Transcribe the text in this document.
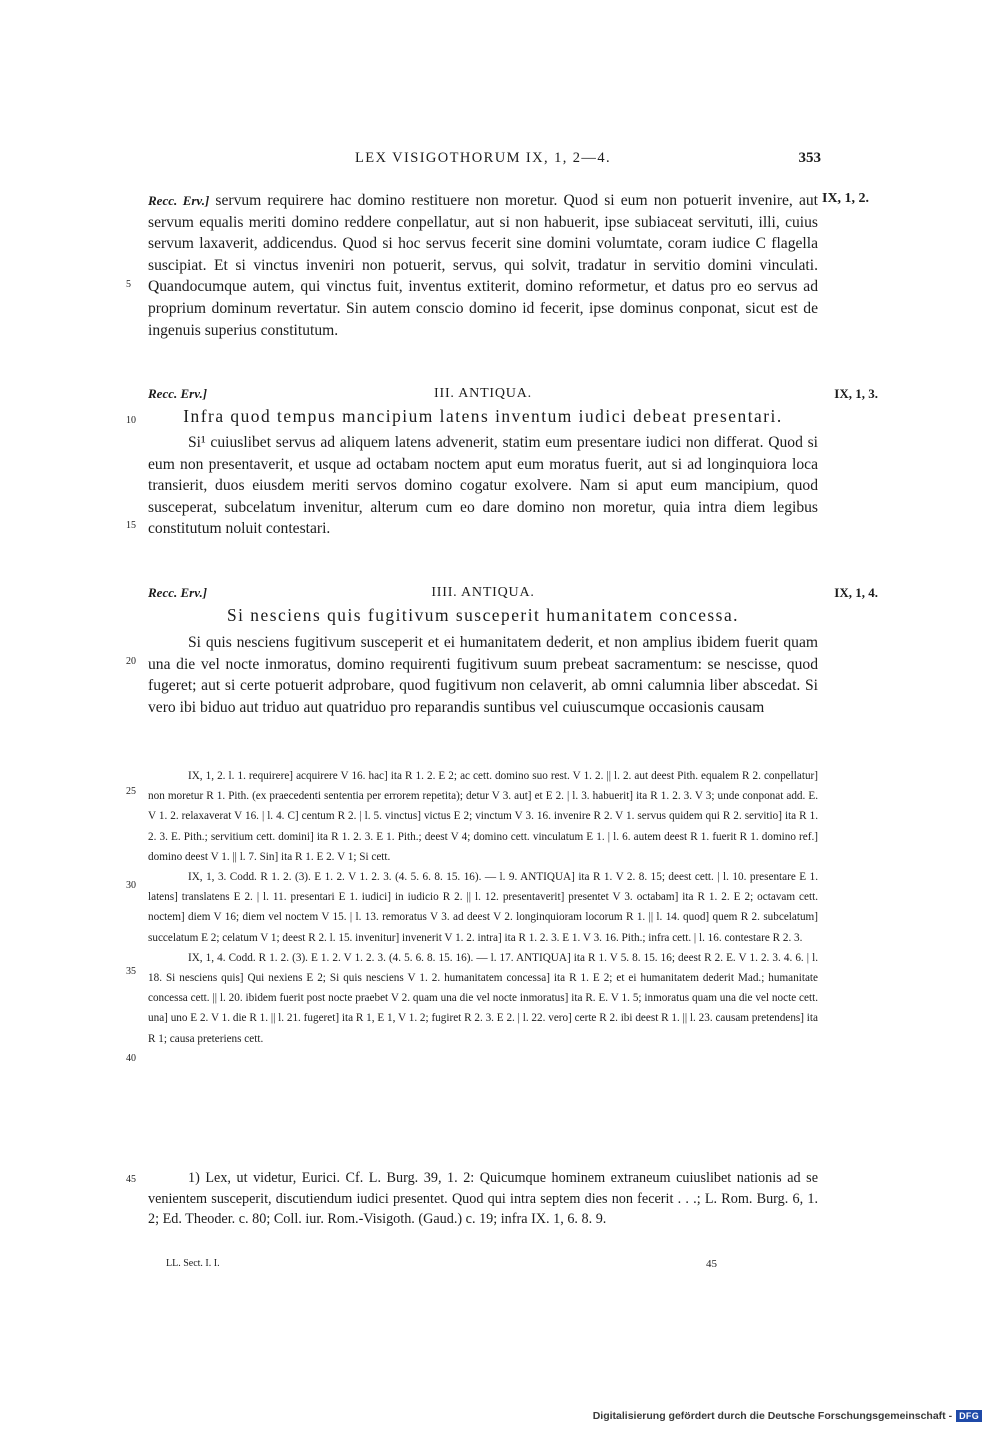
LEX VISIGOTHORUM IX, 1, 2—4.	353
IX, 1, 2.

Recc. Erv.] servum requirere hac domino restituere non moretur. Quod si eum non potuerit invenire, aut servum equalis meriti domino reddere conpellatur, aut si non habuerit, ipse subiaceat servituti, illi, cuius servum laxaverit, addicendus. Quod si hoc servus fecerit sine domini volumtate, coram iudice C flagella suscipiat. Et si vinctus inveniri non potuerit, servus, qui solvit, tradatur in servitio domini vinculati. Quandocumque autem, qui vinctus fuit, inventus extiterit, domino reformetur, et datus pro eo servus ad proprium dominum revertatur. Sin autem conscio domino id fecerit, ipse dominus conponat, sicut est de ingenuis superius constitutum.

5
Recc. Erv.]	III. ANTIQUA.	IX, 1, 3.
Infra quod tempus mancipium latens inventum iudici debeat presentari.
10

Si¹ cuiuslibet servus ad aliquem latens advenerit, statim eum presentare iudici non differat. Quod si eum non presentaverit, et usque ad octabam noctem aput eum moratus fuerit, aut si ad longinquiora loca transierit, duos eiusdem meriti servos domino cogatur exolvere. Nam si aput eum mancipium, quod susceperat, subcelatum invenitur, alterum cum eo dare domino non moretur, quia intra diem legibus constitutum noluit contestari.

15
Recc. Erv.]	IIII. ANTIQUA.	IX, 1, 4.
Si nesciens quis fugitivum susceperit humanitatem concessa.

Si quis nesciens fugitivum susceperit et ei humanitatem dederit, et non amplius ibidem fuerit quam una die vel nocte inmoratus, domino requirenti fugitivum suum prebeat sacramentum: se nescisse, quod fugeret; aut si certe potuerit adprobare, quod fugitivum non celaverit, ab omni calumnia liber abscedat. Si vero ibi biduo aut triduo aut quatriduo pro reparandis suntibus vel cuiuscumque occasionis causam

20

IX, 1, 2. l. 1. requirere] acquirere V 16. hac] ita R 1. 2. E 2; ac cett. domino suo rest. V 1. 2. || l. 2. aut deest Pith. equalem R 2. conpellatur] non moretur R 1. Pith. (ex praecedenti sententia per errorem repetita); detur V 3. aut] et E 2. | l. 3. habuerit] ita R 1. 2. 3. V 3; unde conponat add. E. V 1. 2. relaxaverat V 16. | l. 4. C] centum R 2. | l. 5. vinctus] victus E 2; vinctum V 3. 16. invenire R 2. V 1. servus quidem qui R 2. servitio] ita R 1. 2. 3. E. Pith.; servitium cett. domini] ita R 1. 2. 3. E 1. Pith.; deest V 4; domino cett. vinculatum E 1. | l. 6. autem deest R 1. fuerit R 1. domino ref.] domino deest V 1. || l. 7. Sin] ita R 1. E 2. V 1; Si cett.

IX, 1, 3. Codd. R 1. 2. (3). E 1. 2. V 1. 2. 3. (4. 5. 6. 8. 15. 16). — l. 9. ANTIQUA] ita R 1. V 2. 8. 15; deest cett. | l. 10. presentare E 1. latens] translatens E 2. | l. 11. presentari E 1. iudici] in iudicio R 2. || l. 12. presentaverit] presentet V 3. octabam] ita R 1. 2. E 2; octavam cett. noctem] diem V 16; diem vel noctem V 15. | l. 13. remoratus V 3. ad deest V 2. longinquioram locorum R 1. || l. 14. quod] quem R 2. subcelatum] succelatum E 2; celatum V 1; deest R 2. l. 15. invenitur] invenerit V 1. 2. intra] ita R 1. 2. 3. E 1. V 3. 16. Pith.; infra cett. | l. 16. contestare R 2. 3.

IX, 1, 4. Codd. R 1. 2. (3). E 1. 2. V 1. 2. 3. (4. 5. 6. 8. 15. 16). — l. 17. ANTIQUA] ita R 1. V 5. 8. 15. 16; deest R 2. E. V 1. 2. 3. 4. 6. | l. 18. Si nesciens quis] Qui nexiens E 2; Si quis nesciens V 1. 2. humanitatem concessa] ita R 1. E 2; et ei humanitatem dederit Mad.; humanitate concessa cett. || l. 20. ibidem fuerit post nocte praebet V 2. quam una die vel nocte inmoratus] ita R. E. V 1. 5; inmoratus quam una die vel nocte cett. una] uno E 2. V 1. die R 1. || l. 21. fugeret] ita R 1, E 1, V 1. 2; fugiret R 2. 3. E 2. | l. 22. vero] certe R 2. ibi deest R 1. || l. 23. causam pretendens] ita R 1; causa preteriens cett.

25
30
35
40

1) Lex, ut videtur, Eurici. Cf. L. Burg. 39, 1. 2: Quicumque hominem extraneum cuiuslibet nationis ad se venientem susceperit, discutiendum iudici presentet. Quod qui intra septem dies non fecerit . . .; L. Rom. Burg. 6, 1. 2; Ed. Theoder. c. 80; Coll. iur. Rom.-Visigoth. (Gaud.) c. 19; infra IX. 1, 6. 8. 9.

45
LL. Sect. I. I.	45
Digitalisierung gefördert durch die Deutsche Forschungsgemeinschaft - DFG
